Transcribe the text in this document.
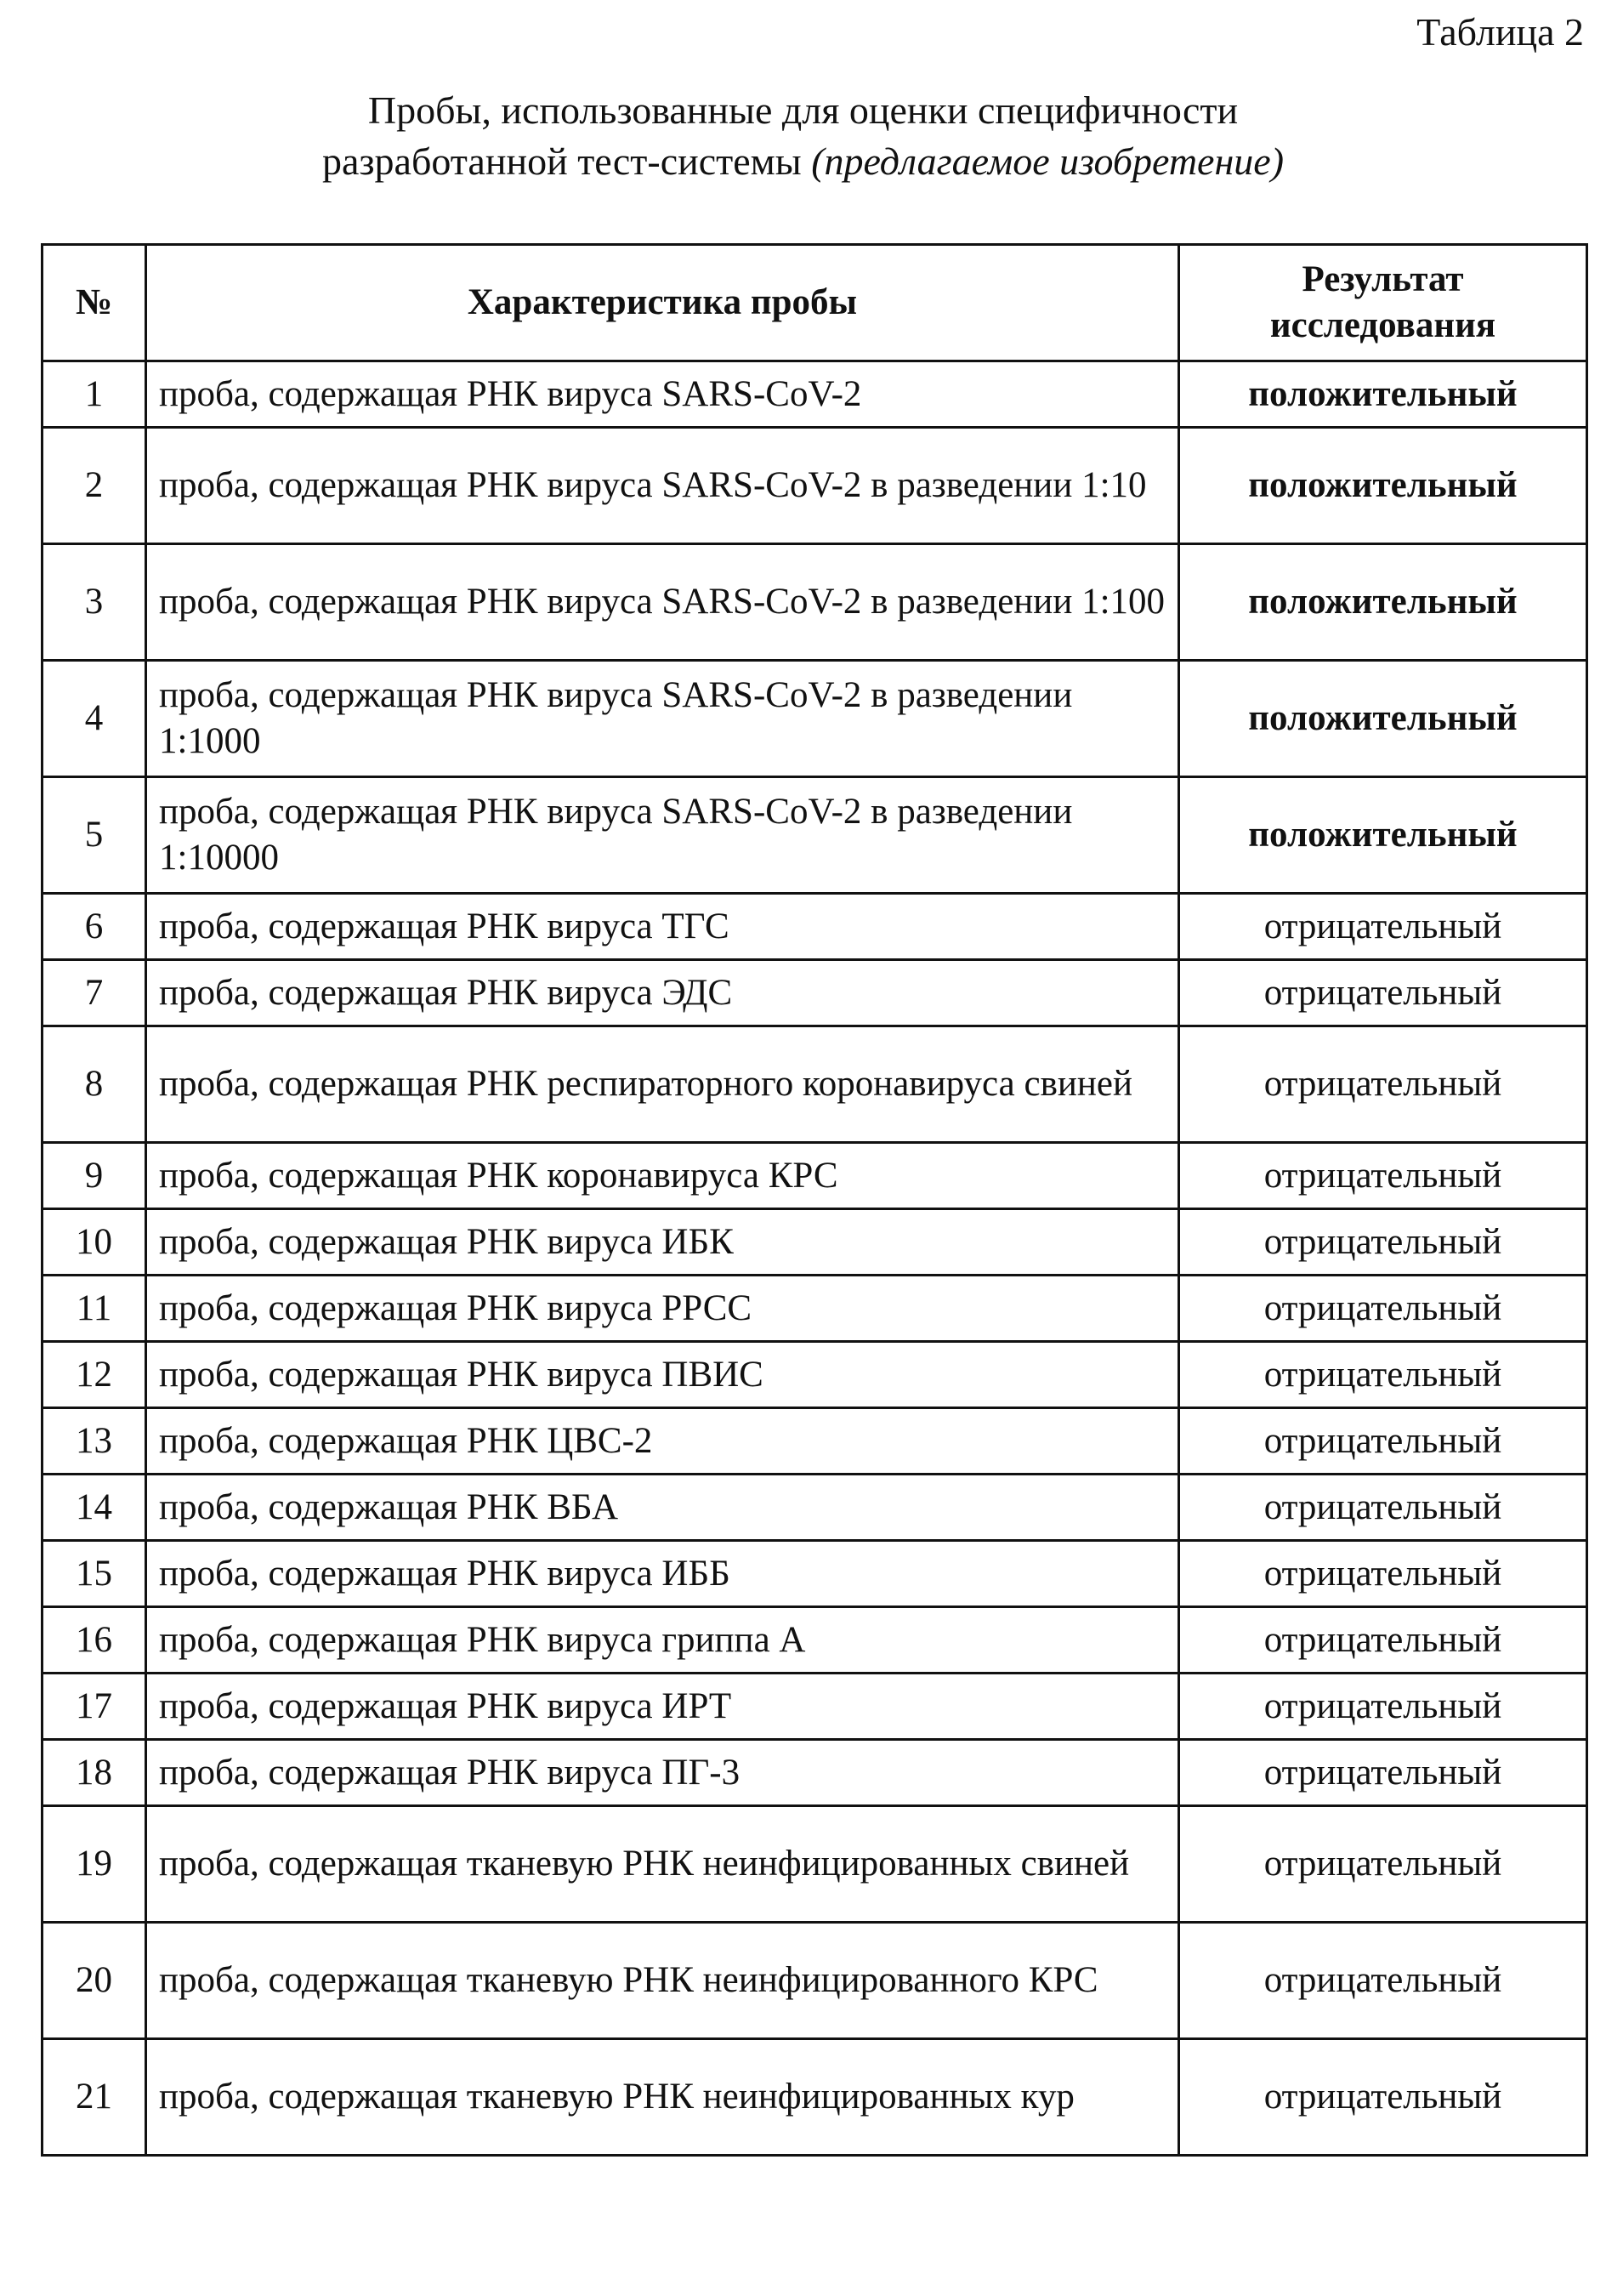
Таблица 2
Пробы, использованные для оценки специфичности
разработанной тест-системы (предлагаемое изобретение)
№	Характеристика пробы	Результат исследования
1	проба, содержащая РНК вируса SARS-CoV-2	положительный
2	проба, содержащая РНК вируса SARS-CoV-2 в разведении 1:10	положительный
3	проба, содержащая РНК вируса SARS-CoV-2 в разведении 1:100	положительный
4	проба, содержащая РНК вируса SARS-CoV-2 в разведении 1:1000	положительный
5	проба, содержащая РНК вируса SARS-CoV-2 в разведении 1:10000	положительный
6	проба, содержащая РНК вируса ТГС	отрицательный
7	проба, содержащая РНК вируса ЭДС	отрицательный
8	проба, содержащая РНК респираторного коронавируса свиней	отрицательный
9	проба, содержащая РНК коронавируса КРС	отрицательный
10	проба, содержащая РНК вируса ИБК	отрицательный
11	проба, содержащая РНК вируса РРСС	отрицательный
12	проба, содержащая РНК вируса ПВИС	отрицательный
13	проба, содержащая РНК ЦВС-2	отрицательный
14	проба, содержащая РНК ВБА	отрицательный
15	проба, содержащая РНК вируса ИББ	отрицательный
16	проба, содержащая РНК вируса гриппа А	отрицательный
17	проба, содержащая РНК вируса ИРТ	отрицательный
18	проба, содержащая РНК вируса ПГ-3	отрицательный
19	проба, содержащая тканевую РНК неинфицированных свиней	отрицательный
20	проба, содержащая тканевую РНК неинфицированного КРС	отрицательный
21	проба, содержащая тканевую РНК неинфицированных кур	отрицательный
